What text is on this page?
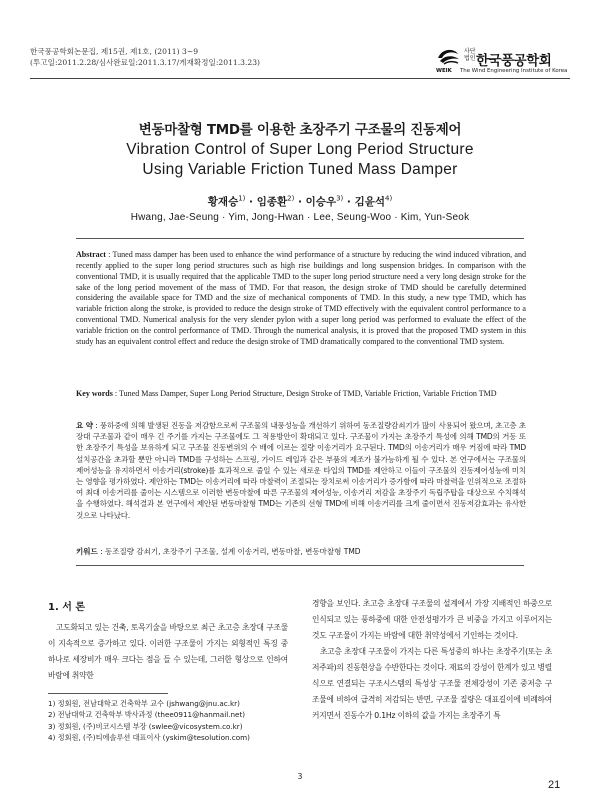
한국풍공학회논문집, 제15권, 제1호, (2011) 3~9
(투고일:2011.2.28/심사완료일:2011.3.17/게재확정일:2011.3.23)
사단
법인 한국풍공학회
WEIK The Wind Engineering Institute of Korea
변동마찰형 TMD를 이용한 초장주기 구조물의 진동제어
Vibration Control of Super Long Period Structure
Using Variable Friction Tuned Mass Damper
황재승$^{1)}$ · 임종환$^{2)}$ · 이승우$^{3)}$ · 김윤석$^{4)}$
Hwang, Jae-Seung · Yim, Jong-Hwan · Lee, Seung-Woo · Kim, Yun-Seok
Abstract : Tuned mass damper has been used to enhance the wind performance of a structure by reducing the wind induced vibration, and recently applied to the super long period structures such as high rise buildings and long suspension bridges. In comparison with the conventional TMD, it is usually required that the applicable TMD to the super long period structure need a very long design stroke for the sake of the long period movement of the mass of TMD. For that reason, the design stroke of TMD should be carefully determined considering the available space for TMD and the size of mechanical components of TMD. In this study, a new type TMD, which has variable friction along the stroke, is provided to reduce the design stroke of TMD effectively with the equivalent control performance to a conventional TMD. Numerical analysis for the very slender pylon with a super long period was performed to evaluate the effect of the variable friction on the control performance of TMD. Through the numerical analysis, it is proved that the proposed TMD system in this study has an equivalent control effect and reduce the design stroke of TMD dramatically compared to the conventional TMD system.
Key words : Tuned Mass Damper, Super Long Period Structure, Design Stroke of TMD, Variable Friction, Variable Friction TMD
요 약 : 풍하중에 의해 발생된 진동을 저감함으로써 구조물의 내풍성능을 개선하기 위하여 동조질량감쇠기가 많이 사용되어 왔으며, 초고층 초장대 구조물과 같이 매우 긴 주기를 가지는 구조물에도 그 적용방안이 확대되고 있다. 구조물이 가지는 초장주기 특성에 의해 TMD의 거동 또한 초장주기 특성을 보유하게 되고 구조물 진동변위의 수 배에 이르는 질량 이송거리가 요구된다. TMD의 이송거리가 매우 커짐에 따라 TMD 설치공간을 초과할 뿐만 아니라 TMD를 구성하는 스프링, 가이드 레일과 같은 부품의 제조가 불가능하게 될 수 있다. 본 연구에서는 구조물의 제어성능을 유지하면서 이송거리(stroke)를 효과적으로 줄일 수 있는 새로운 타입의 TMD를 제안하고 이들이 구조물의 진동제어성능에 미치는 영향을 평가하였다. 제안하는 TMD는 이송거리에 따라 마찰력이 조절되는 장치로써 이송거리가 증가함에 따라 마찰력을 인위적으로 조절하여 최대 이송거리를 줄이는 시스템으로 이러한 변동마찰에 따른 구조물의 제어성능, 이송거리 저감을 초장주기 독립주탑을 대상으로 수치해석을 수행하였다. 해석결과 본 연구에서 제안된 변동마찰형 TMD는 기존의 선형 TMD에 비해 이송거리를 크게 줄이면서 진동저감효과는 유사한 것으로 나타났다.
키워드 : 동조질량 감쇠기, 초장주기 구조물, 설계 이송거리, 변동마찰, 변동마찰형 TMD
1. 서 론

고도화되고 있는 건축, 토목기술을 바탕으로 최근 초고층 초장대 구조물이 지속적으로 증가하고 있다. 이러한 구조물이 가지는 외형적인 특징 중 하나로 세장비가 매우 크다는 점을 들 수 있는데, 그러한 형상으로 인하여 바람에 취약한

경향을 보인다. 초고층 초장대 구조물의 설계에서 가장 지배적인 하중으로 인식되고 있는 풍하중에 대한 안전성평가가 큰 비중을 가지고 이루어지는 것도 구조물이 가지는 바람에 대한 취약성에서 기인하는 것이다.

초고층 초장대 구조물이 가지는 다른 특성중의 하나는 초장주기(또는 초저주파)의 진동현상을 수반한다는 것이다. 재료의 강성이 한계가 있고 병렬식으로 연결되는 구조시스템의 특성상 구조물 전체강성이 기존 중저층 구조물에 비하여 급격히 저감되는 반면, 구조물 질량은 대표길이에 비례하여 커지면서 진동수가 0.1Hz 이하의 값을 가지는 초장주기 특

1) 정회원, 전남대학교 건축학부 교수 (jshwang@jnu.ac.kr)
2) 전남대학교 건축학부 박사과정 (thee0911@hanmail.net)
3) 정회원, (주)비코시스템 부장 (swlee@vicosystem.co.kr)
4) 정회원, (주)티에솔루션 대표이사 (yskim@tesolution.com)
3
21
